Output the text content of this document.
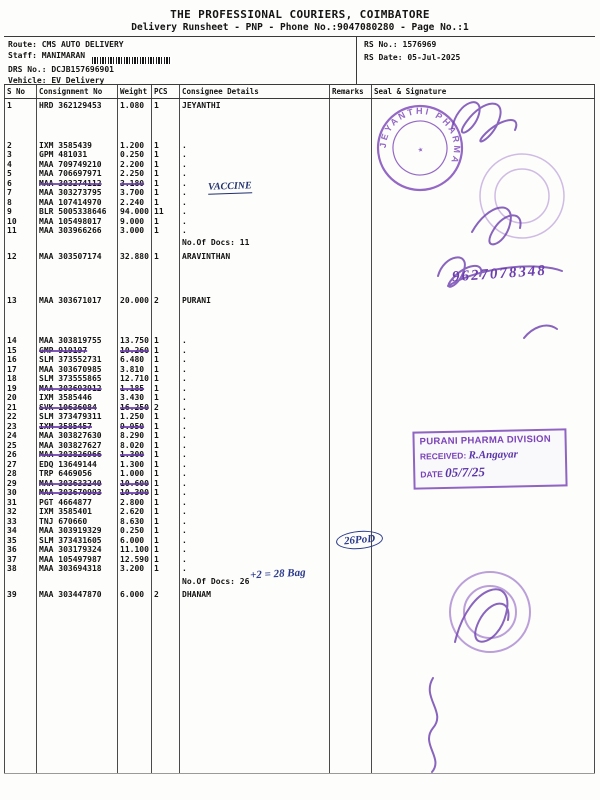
THE PROFESSIONAL COURIERS, COIMBATORE
Delivery Runsheet - PNP - Phone No.:9047080280 - Page No.:1
Route: CMS AUTO DELIVERY
Staff: MANIMARAN
DRS No.: DCJB157696901
Vehicle: EV Delivery
RS No.: 1576969
RS Date: 05-Jul-2025
S No	Consignment No	Weight PCS	Consignee Details	Remarks	Seal & Signature
1	HRD 362129453	1.080	1	JEYANTHI
2	IXM 3585439	1.200	1	.
3	GPM 481031	0.250	1	.
4	MAA 709749210	2.200	1	.
5	MAA 706697971	2.250	1	.
6	MAA 303274112	3.180	1	.
7	MAA 303273795	3.700	1	.
8	MAA 107414970	2.240	1	.
9	BLR 5005338646	94.000 11	.
10	MAA 105498017	9.000	1	.
11	MAA 303966266	3.000	1	.
No.Of Docs: 11
12	MAA 303507174	32.880 1	ARAVINTHAN
13	MAA 303671017	20.000 2	PURANI
14	MAA 303819755	13.750 1	.
15	GMP 919197	10.260 1	.
16	SLM 373552731	6.480	1	.
17	MAA 303670985	3.810	1	.
18	SLM 373555865	12.710 1	.
19	MAA 303693912	1.185	1	.
20	IXM 3585446	3.430	1	.
21	SVK 10636084	16.250 2	.
22	SLM 373479311	1.250	1	.
23	IXM 3585457	9.950	1	.
24	MAA 303827630	8.290	1	.
25	MAA 303827627	8.020	1	.
26	MAA 303826966	1.300	1	.
27	EDQ 13649144	1.300	1	.
28	TRP 6469056	1.000	1	.
29	MAA 303633240	10.600 1	.
30	MAA 303670993	10.300 1	.
31	PGT 4664877	2.800	1	.
32	IXM 3585401	2.620	1	.
33	TNJ 670660	8.630	1	.
34	MAA 303919329	0.250	1	.
35	SLM 373431605	6.000	1	.
36	MAA 303179324	11.100 1	.
37	MAA 105497987	12.590 1	.
38	MAA 303694318	3.200	1	.
No.Of Docs: 26
39	MAA 303447870	6.000	2	DHANAM
JEYANTHI PHARMA
★
VACCINE
9627078348
PURANI PHARMA DIVISION
RECEIVED: R.Angayar
DATE 05/7/25
26PoD
+2 = 28 Bag
